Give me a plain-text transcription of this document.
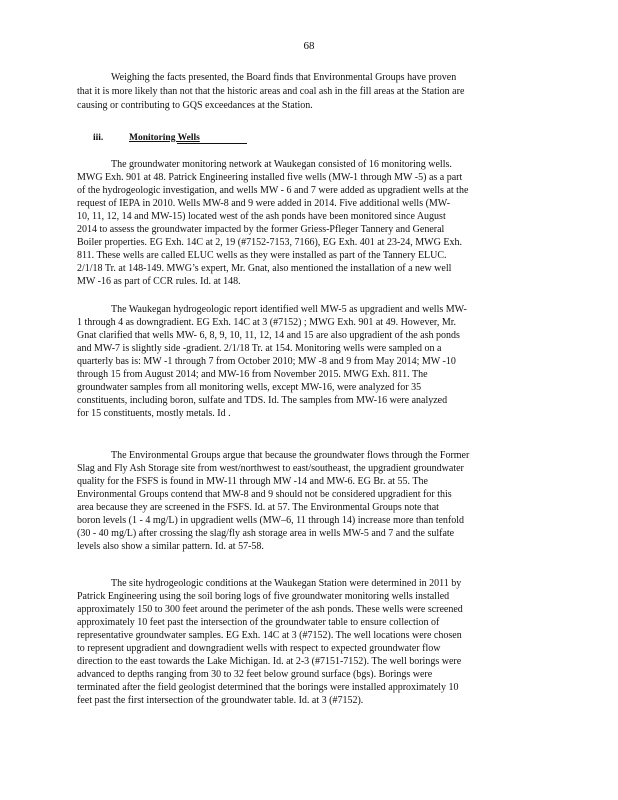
68
Weighing the facts presented, the Board finds that Environmental Groups have proven
that it is more likely than not that the historic areas and coal ash in the fill areas at the Station are
causing or contributing to GQS exceedances at the Station.
The groundwater monitoring network at Waukegan consisted of 16 monitoring wells.
MWG Exh. 901 at 48. Patrick Engineering installed five wells (MW-1 through MW -5) as a part
of the hydrogeologic investigation, and wells MW - 6 and 7 were added as upgradient wells at the
request of IEPA in 2010. Wells MW-8 and 9 were added in 2014. Five additional wells (MW-
10, 11, 12, 14 and MW-15) located west of the ash ponds have been monitored since August
2014 to assess the groundwater impacted by the former Griess-Pfleger Tannery and General
Boiler properties. EG Exh. 14C at 2, 19 (#7152-7153, 7166), EG Exh. 401 at 23-24, MWG Exh.
811. These wells are called ELUC wells as they were installed as part of the Tannery ELUC.
2/1/18 Tr. at 148-149. MWG’s expert, Mr. Gnat, also mentioned the installation of a new well
MW -16 as part of CCR rules. Id. at 148.
The Waukegan hydrogeologic report identified well MW-5 as upgradient and wells MW-
1 through 4 as downgradient. EG Exh. 14C at 3 (#7152) ; MWG Exh. 901 at 49. However, Mr.
Gnat clarified that wells MW- 6, 8, 9, 10, 11, 12, 14 and 15 are also upgradient of the ash ponds
and MW-7 is slightly side -gradient. 2/1/18 Tr. at 154. Monitoring wells were sampled on a
quarterly bas is: MW -1 through 7 from October 2010; MW -8 and 9 from May 2014; MW -10
through 15 from August 2014; and MW-16 from November 2015. MWG Exh. 811. The
groundwater samples from all monitoring wells, except MW-16, were analyzed for 35
constituents, including boron, sulfate and TDS. Id. The samples from MW-16 were analyzed
for 15 constituents, mostly metals. Id .
The Environmental Groups argue that because the groundwater flows through the Former
Slag and Fly Ash Storage site from west/northwest to east/southeast, the upgradient groundwater
quality for the FSFS is found in MW-11 through MW -14 and MW-6. EG Br. at 55. The
Environmental Groups contend that MW-8 and 9 should not be considered upgradient for this
area because they are screened in the FSFS. Id. at 57. The Environmental Groups note that
boron levels (1 - 4 mg/L) in upgradient wells (MW–6, 11 through 14) increase more than tenfold
(30 - 40 mg/L) after crossing the slag/fly ash storage area in wells MW-5 and 7 and the sulfate
levels also show a similar pattern. Id. at 57-58.
The site hydrogeologic conditions at the Waukegan Station were determined in 2011 by
Patrick Engineering using the soil boring logs of five groundwater monitoring wells installed
approximately 150 to 300 feet around the perimeter of the ash ponds. These wells were screened
approximately 10 feet past the intersection of the groundwater table to ensure collection of
representative groundwater samples. EG Exh. 14C at 3 (#7152). The well locations were chosen
to represent upgradient and downgradient wells with respect to expected groundwater flow
direction to the east towards the Lake Michigan. Id. at 2-3 (#7151-7152). The well borings were
advanced to depths ranging from 30 to 32 feet below ground surface (bgs). Borings were
terminated after the field geologist determined that the borings were installed approximately 10
feet past the first intersection of the groundwater table. Id. at 3 (#7152).
iii.	Monitoring Wells
